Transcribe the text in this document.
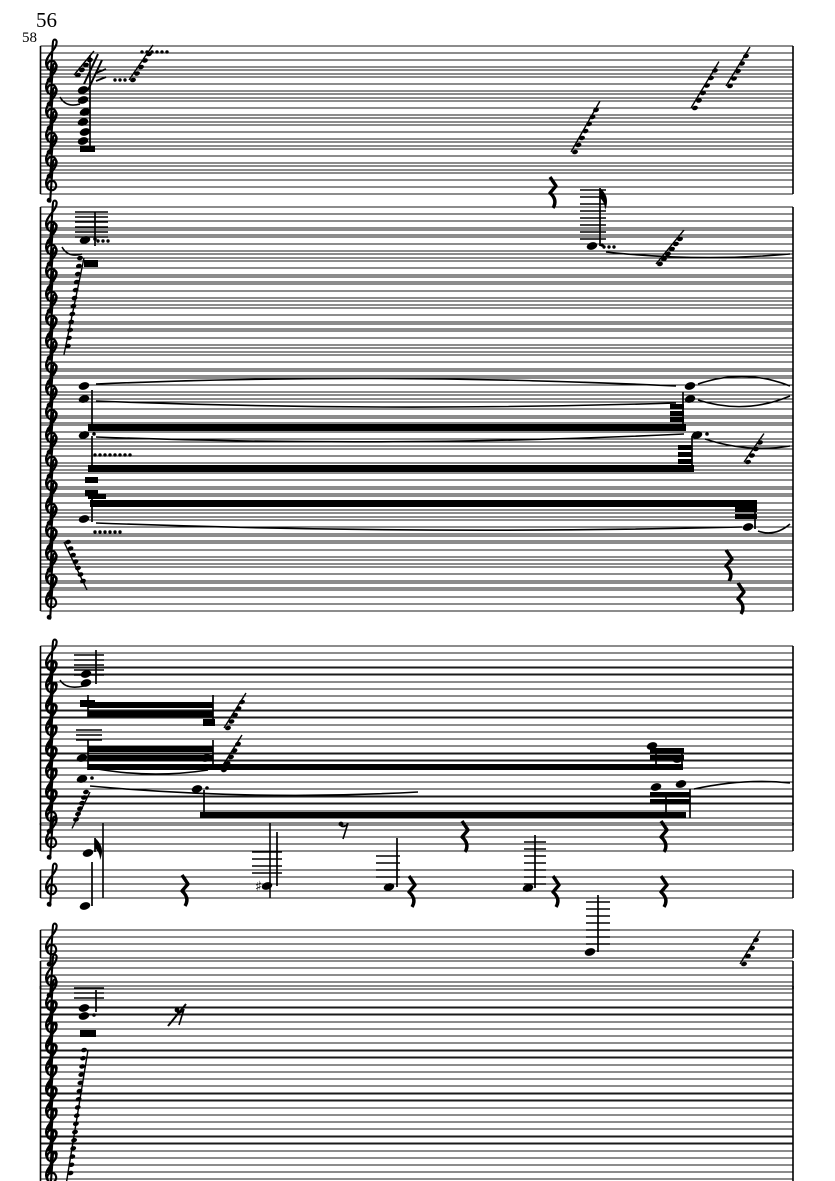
56
58
♯
